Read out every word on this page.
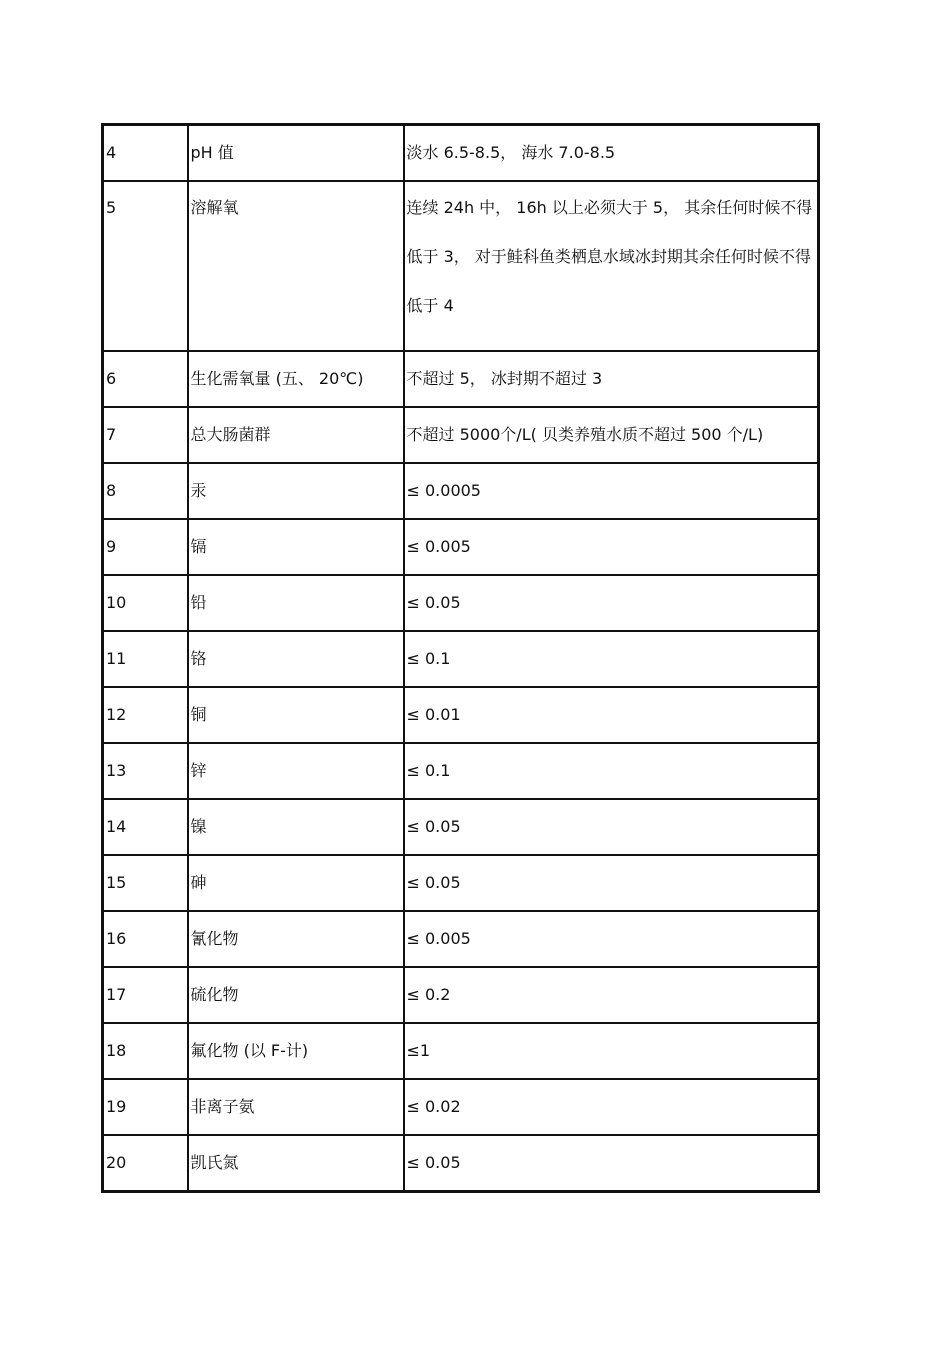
4	pH 值	淡水 6.5-8.5， 海水 7.0-8.5
5	溶解氧	连续 24h 中， 16h 以上必须大于 5， 其余任何时候不得低于 3， 对于鲑科鱼类栖息水域冰封期其余任何时候不得低于 4
6	生化需氧量 (五、 20℃)	不超过 5， 冰封期不超过 3
7	总大肠菌群	不超过 5000个/L( 贝类养殖水质不超过 500 个/L)
8	汞	≤ 0.0005
9	镉	≤ 0.005
10	铅	≤ 0.05
11	铬	≤ 0.1
12	铜	≤ 0.01
13	锌	≤ 0.1
14	镍	≤ 0.05
15	砷	≤ 0.05
16	氰化物	≤ 0.005
17	硫化物	≤ 0.2
18	氟化物 (以 F-计)	≤1
19	非离子氨	≤ 0.02
20	凯氏氮	≤ 0.05
